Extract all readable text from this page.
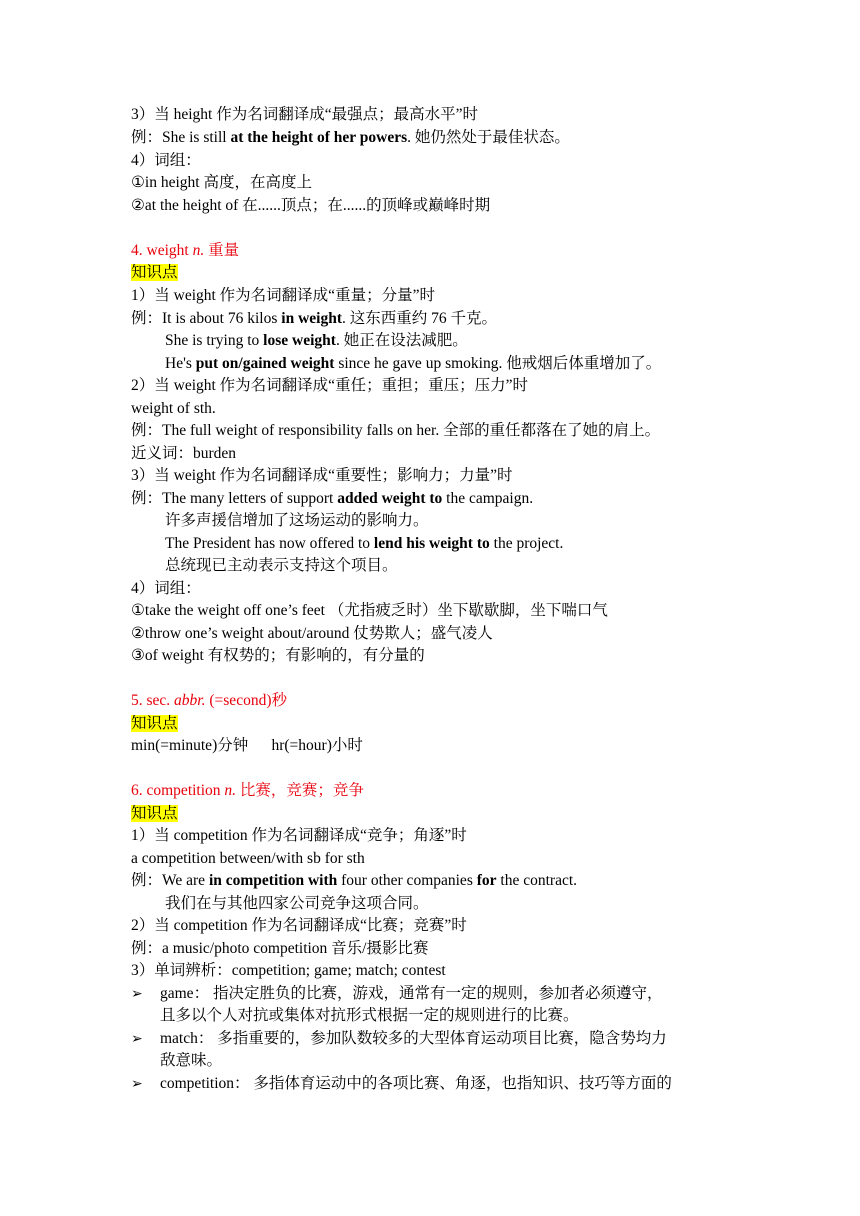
3）当 height 作为名词翻译成“最强点；最高水平”时
例：She is still at the height of her powers. 她仍然处于最佳状态。
4）词组：
①in height 高度，在高度上
②at the height of 在......顶点；在......的顶峰或巅峰时期
4. weight n. 重量
知识点
1）当 weight 作为名词翻译成“重量；分量”时
例：It is about 76 kilos in weight. 这东西重约 76 千克。
She is trying to lose weight. 她正在设法减肥。
He's put on/gained weight since he gave up smoking. 他戒烟后体重增加了。
2）当 weight 作为名词翻译成“重任；重担；重压；压力”时
weight of sth.
例：The full weight of responsibility falls on her. 全部的重任都落在了她的肩上。
近义词：burden
3）当 weight 作为名词翻译成“重要性；影响力；力量”时
例：The many letters of support added weight to the campaign.
许多声援信增加了这场运动的影响力。
The President has now offered to lend his weight to the project.
总统现已主动表示支持这个项目。
4）词组：
①take the weight off one’s feet （尤指疲乏时）坐下歇歇脚，坐下喘口气
②throw one’s weight about/around 仗势欺人；盛气凌人
③of weight 有权势的；有影响的，有分量的
5. sec. abbr. (=second)秒
知识点
min(=minute)分钟      hr(=hour)小时
6. competition n. 比赛，竞赛；竞争
知识点
1）当 competition 作为名词翻译成“竞争；角逐”时
a competition between/with sb for sth
例：We are in competition with four other companies for the contract.
我们在与其他四家公司竞争这项合同。
2）当 competition 作为名词翻译成“比赛；竞赛”时
例：a music/photo competition 音乐/摄影比赛
3）单词辨析：competition; game; match; contest
➢ game： 指决定胜负的比赛，游戏，通常有一定的规则，参加者必须遵守，
且多以个人对抗或集体对抗形式根据一定的规则进行的比赛。
➢ match： 多指重要的，参加队数较多的大型体育运动项目比赛，隐含势均力
敌意味。
➢ competition： 多指体育运动中的各项比赛、角逐，也指知识、技巧等方面的
